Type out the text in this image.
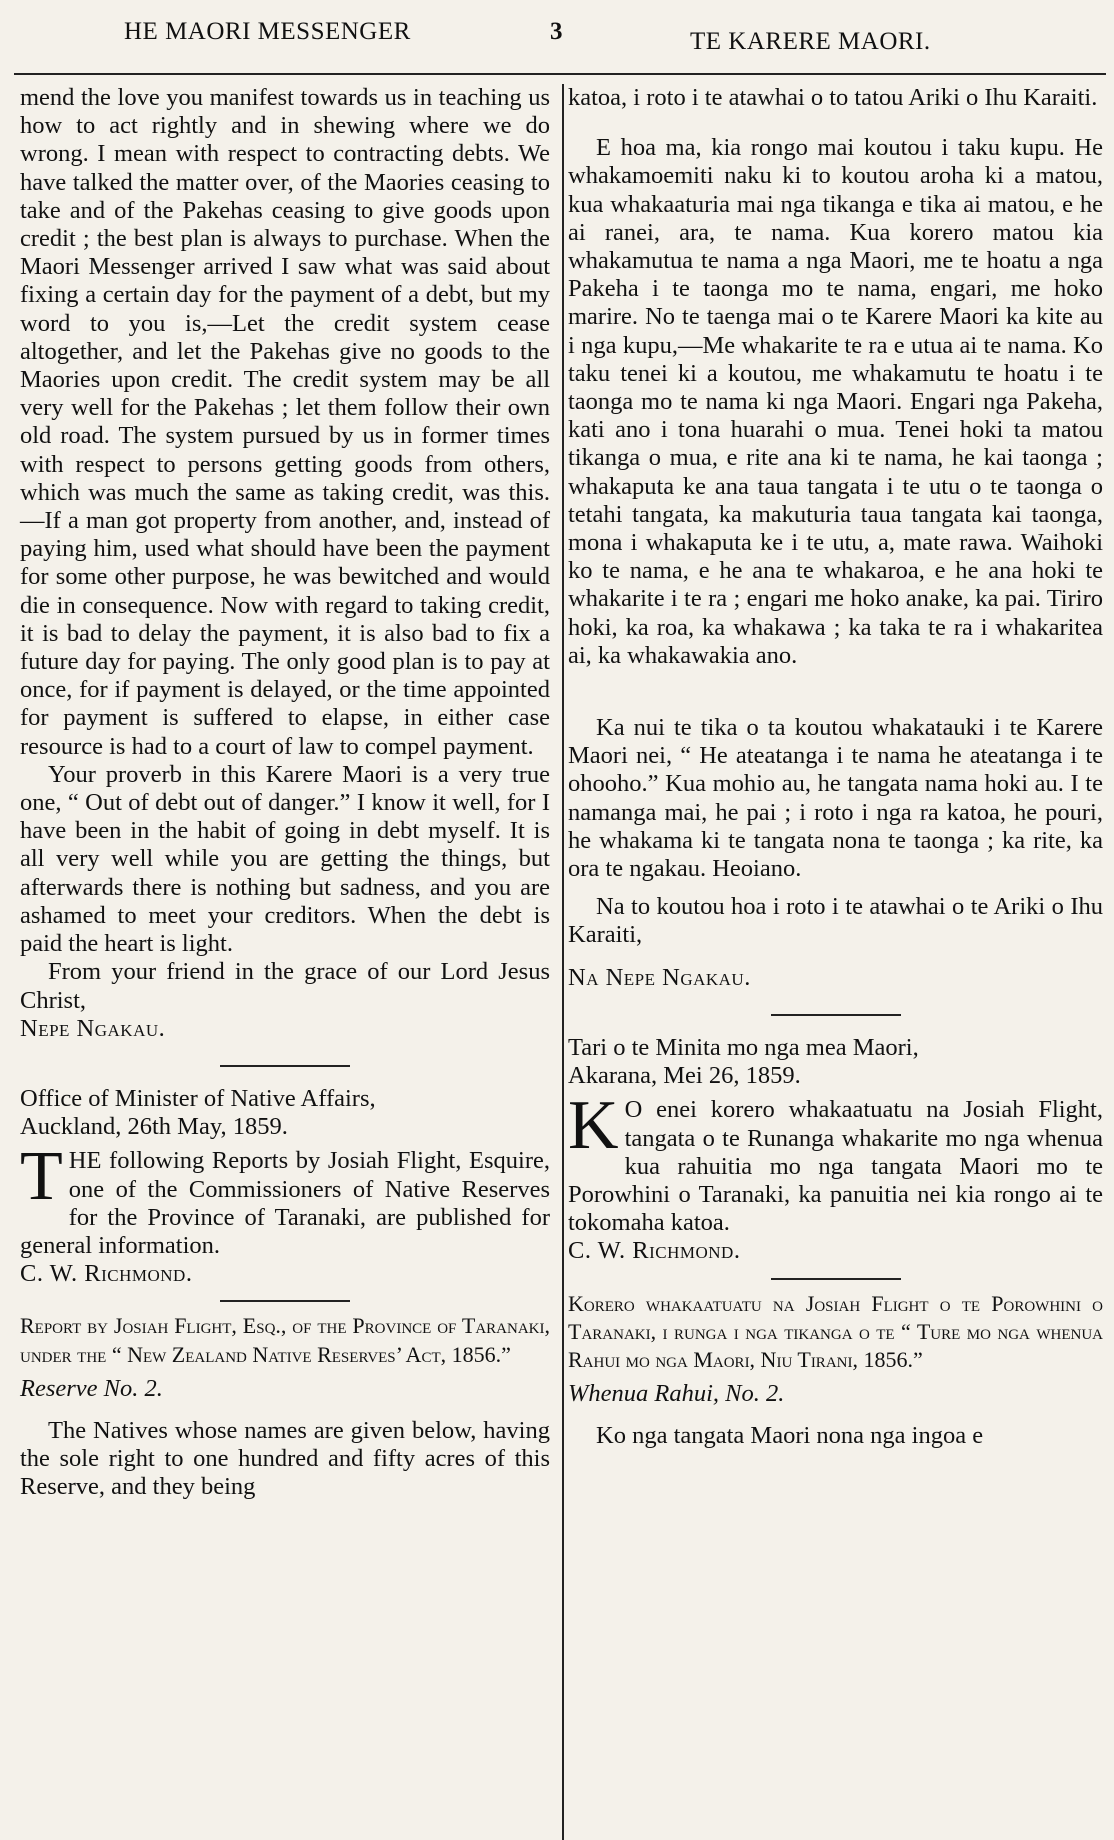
HE MAORI MESSENGER	3	TE KARERE MAORI.

mend the love you manifest towards us in teaching us how to act rightly and in shewing where we do wrong. I mean with respect to contracting debts. We have talked the matter over, of the Maories ceasing to take and of the Pakehas ceasing to give goods upon credit ; the best plan is always to purchase. When the Maori Messenger arrived I saw what was said about fixing a certain day for the payment of a debt, but my word to you is,—Let the credit system cease altogether, and let the Pakehas give no goods to the Maories upon credit. The credit system may be all very well for the Pakehas ; let them follow their own old road. The system pursued by us in former times with respect to persons getting goods from others, which was much the same as taking credit, was this.—If a man got property from another, and, instead of paying him, used what should have been the payment for some other purpose, he was bewitched and would die in consequence. Now with regard to taking credit, it is bad to delay the payment, it is also bad to fix a future day for paying. The only good plan is to pay at once, for if payment is delayed, or the time appointed for payment is suffered to elapse, in either case resource is had to a court of law to compel payment.

Your proverb in this Karere Maori is a very true one, “ Out of debt out of danger.” I know it well, for I have been in the habit of going in debt myself. It is all very well while you are getting the things, but afterwards there is nothing but sadness, and you are ashamed to meet your creditors. When the debt is paid the heart is light.

From your friend in the grace of our Lord Jesus Christ,

Nepe Ngakau.

Office of Minister of Native Affairs,

Auckland, 26th May, 1859.

THE following Reports by Josiah Flight, Esquire, one of the Commissioners of Native Reserves for the Province of Taranaki, are published for general information.

C. W. Richmond.

Report by Josiah Flight, Esq., of the Province of Taranaki, under the “ New Zealand Native Reserves’ Act, 1856.”

Reserve No. 2.

The Natives whose names are given below, having the sole right to one hundred and fifty acres of this Reserve, and they being

katoa, i roto i te atawhai o to tatou Ariki o Ihu Karaiti.

E hoa ma, kia rongo mai koutou i taku kupu. He whakamoemiti naku ki to koutou aroha ki a matou, kua whakaaturia mai nga tikanga e tika ai matou, e he ai ranei, ara, te nama. Kua korero matou kia whakamutua te nama a nga Maori, me te hoatu a nga Pakeha i te taonga mo te nama, engari, me hoko marire. No te taenga mai o te Karere Maori ka kite au i nga kupu,—Me whakarite te ra e utua ai te nama. Ko taku tenei ki a koutou, me whakamutu te hoatu i te taonga mo te nama ki nga Maori. Engari nga Pakeha, kati ano i tona huarahi o mua. Tenei hoki ta matou tikanga o mua, e rite ana ki te nama, he kai taonga ; whakaputa ke ana taua tangata i te utu o te taonga o tetahi tangata, ka makuturia taua tangata kai taonga, mona i whakaputa ke i te utu, a, mate rawa. Waihoki ko te nama, e he ana te whakaroa, e he ana hoki te whakarite i te ra ; engari me hoko anake, ka pai. Tiriro hoki, ka roa, ka whakawa ; ka taka te ra i whakaritea ai, ka whakawakia ano.

Ka nui te tika o ta koutou whakatauki i te Karere Maori nei, “ He ateatanga i te nama he ateatanga i te ohooho.” Kua mohio au, he tangata nama hoki au. I te namanga mai, he pai ; i roto i nga ra katoa, he pouri, he whakama ki te tangata nona te taonga ; ka rite, ka ora te ngakau. Heoiano.

Na to koutou hoa i roto i te atawhai o te Ariki o Ihu Karaiti,

Na Nepe Ngakau.

Tari o te Minita mo nga mea Maori,

Akarana, Mei 26, 1859.

K O enei korero whakaatuatu na Josiah Flight, tangata o te Runanga whakarite mo nga whenua kua rahuitia mo nga tangata Maori mo te Porowhini o Taranaki, ka panuitia nei kia rongo ai te tokomaha katoa.

C. W. Richmond.

Korero whakaatuatu na Josiah Flight o te Porowhini o Taranaki, i runga i nga tikanga o te “ Ture mo nga whenua Rahui mo nga Maori, Niu Tirani, 1856.”

Whenua Rahui, No. 2.

Ko nga tangata Maori nona nga ingoa e
